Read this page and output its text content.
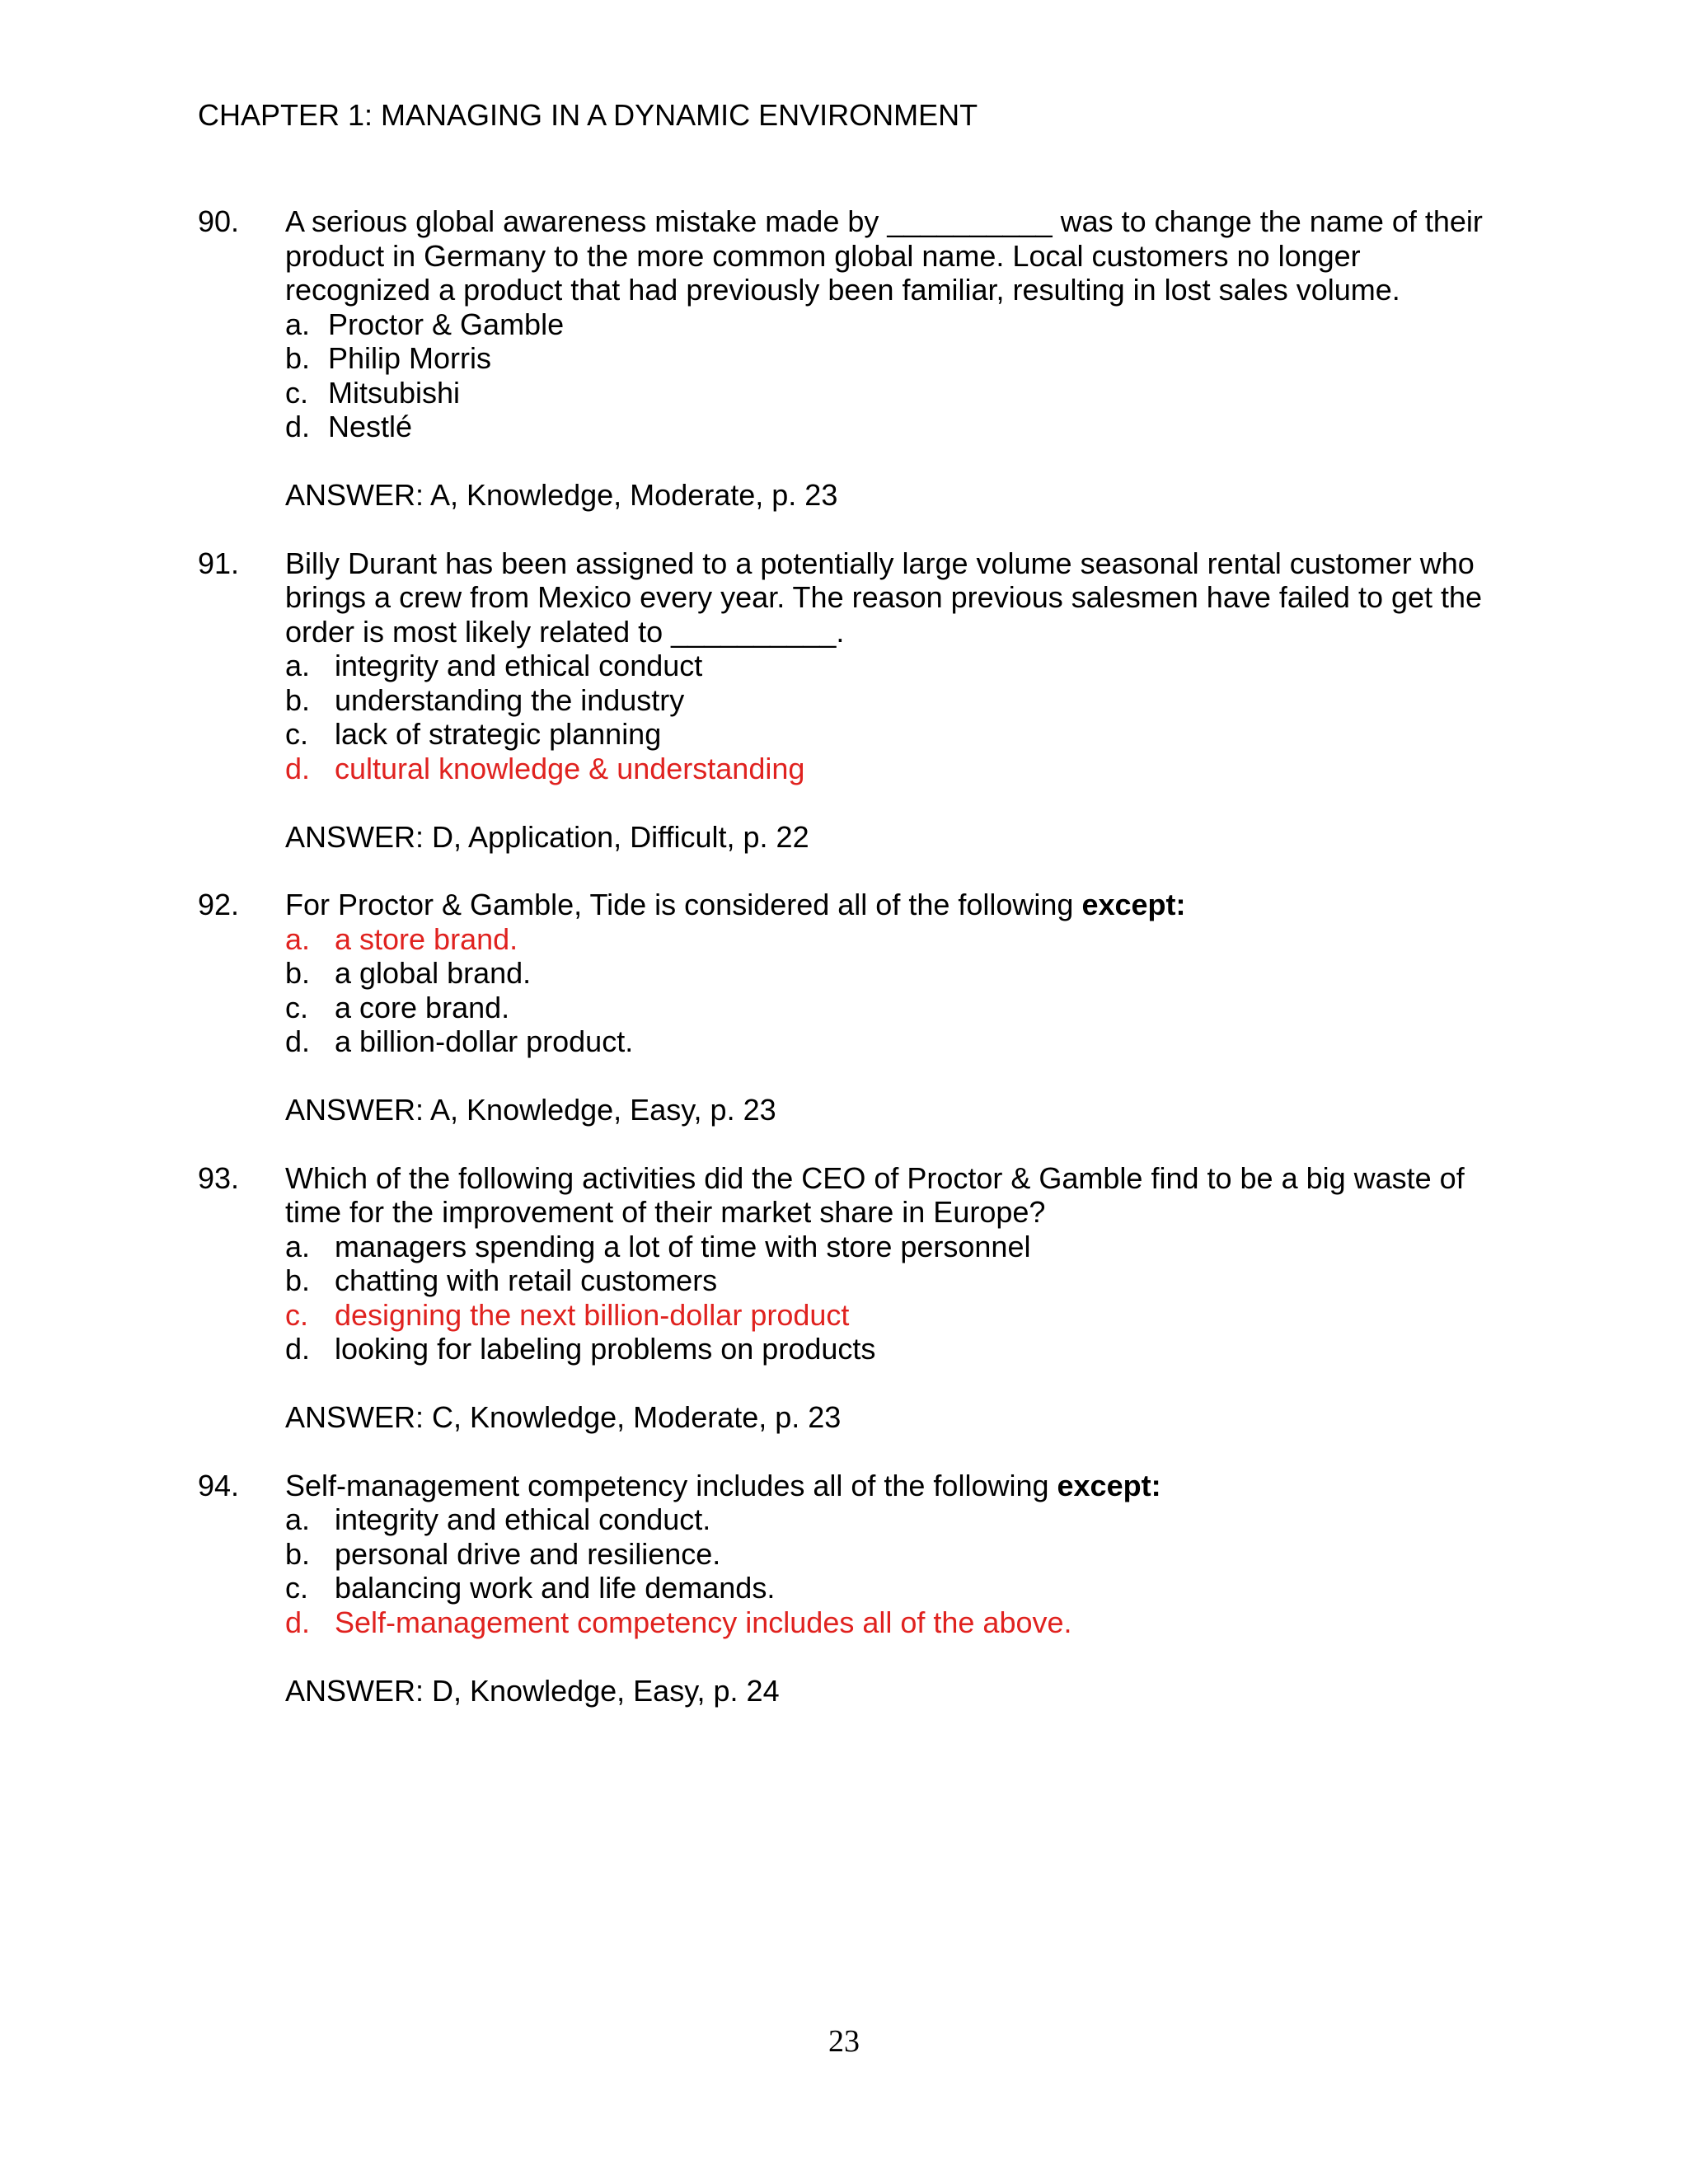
CHAPTER 1: MANAGING IN A DYNAMIC ENVIRONMENT
90. A serious global awareness mistake made by __________ was to change the name of their product in Germany to the more common global name. Local customers no longer recognized a product that had previously been familiar, resulting in lost sales volume.
a. Proctor & Gamble
b. Philip Morris
c. Mitsubishi
d. Nestlé
ANSWER: A, Knowledge, Moderate, p. 23
91. Billy Durant has been assigned to a potentially large volume seasonal rental customer who brings a crew from Mexico every year. The reason previous salesmen have failed to get the order is most likely related to __________.
a. integrity and ethical conduct
b. understanding the industry
c. lack of strategic planning
d. cultural knowledge & understanding
ANSWER: D, Application, Difficult, p. 22
92. For Proctor & Gamble, Tide is considered all of the following except:
a. a store brand.
b. a global brand.
c. a core brand.
d. a billion-dollar product.
ANSWER: A, Knowledge, Easy, p. 23
93. Which of the following activities did the CEO of Proctor & Gamble find to be a big waste of time for the improvement of their market share in Europe?
a. managers spending a lot of time with store personnel
b. chatting with retail customers
c. designing the next billion-dollar product
d. looking for labeling problems on products
ANSWER: C, Knowledge, Moderate, p. 23
94. Self-management competency includes all of the following except:
a. integrity and ethical conduct.
b. personal drive and resilience.
c. balancing work and life demands.
d. Self-management competency includes all of the above.
ANSWER: D, Knowledge, Easy, p. 24
23
